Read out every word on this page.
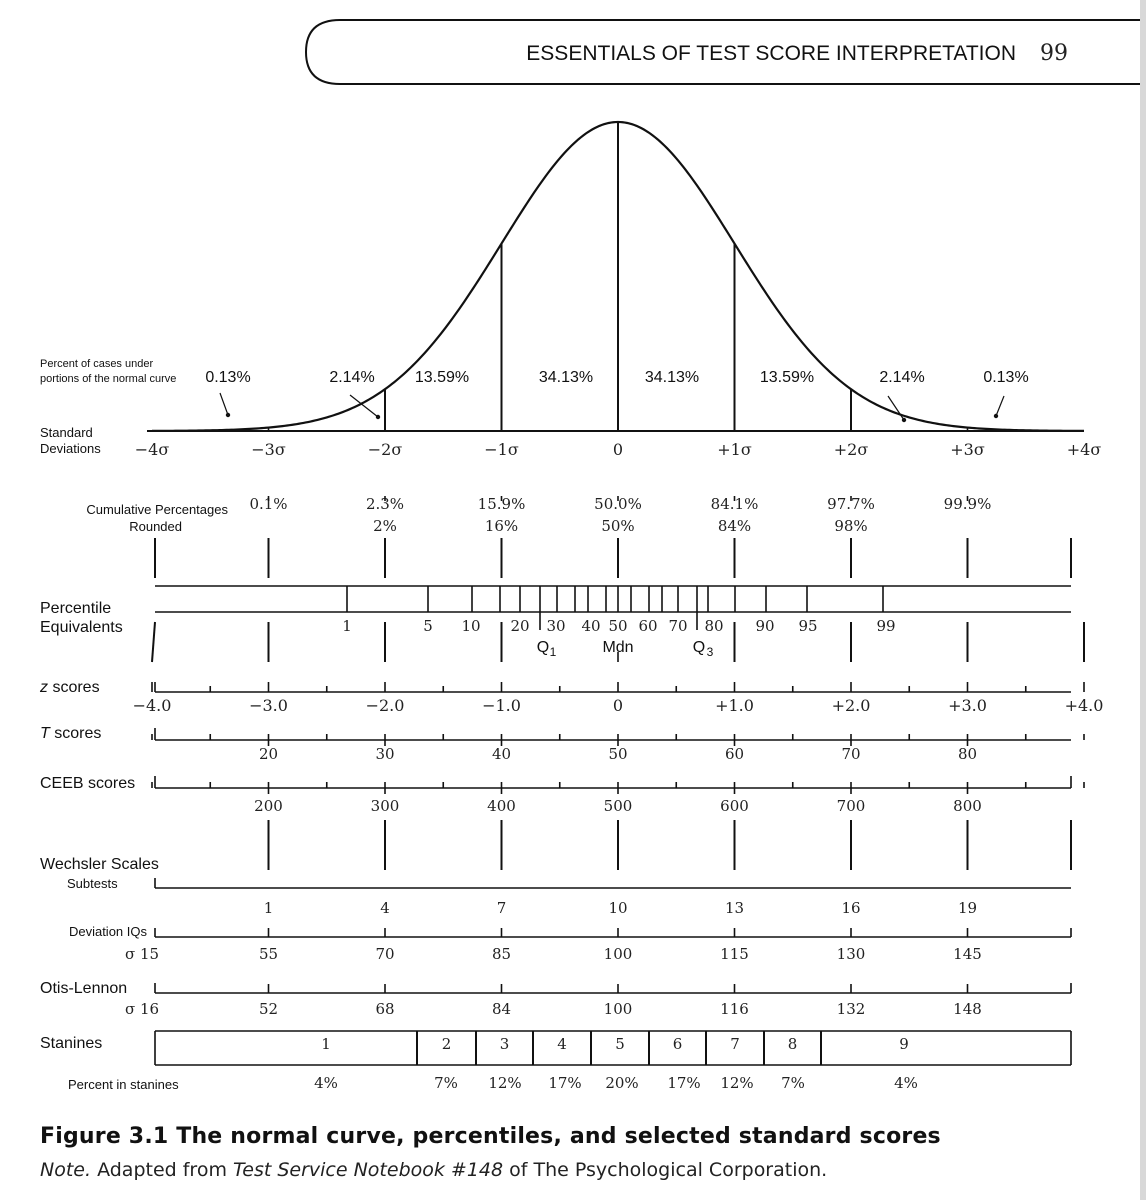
ESSENTIALS OF TEST SCORE INTERPRETATION 99
Percent of cases under
portions of the normal curve
Standard
Deviations
Cumulative Percentages
Rounded
Percentile
Equivalents
z scores
T scores
CEEB scores
Wechsler Scales
Subtests
Deviation IQs
σ 15
Otis-Lennon
σ 16
Stanines
Percent in stanines
0.13%	2.14%	13.59%	34.13%	34.13%	13.59%	2.14%	0.13%
−4σ	−3σ	−2σ	−1σ	0	+1σ	+2σ	+3σ	+4σ
0.1%	2.3%	15.9%	50.0%	84.1%	97.7%	99.9%
2%	16%	50%	84%	98%
1	5 10 20 30 40 50 60 70 80 90 95	99
Q 1	Mdn	Q 3
−4.0	−3.0	−2.0	−1.0	0	+1.0	+2.0	+3.0	+4.0
20	30	40	50	60	70	80
200	300	400	500	600	700	800
1	4	7	10	13	16	19
55	70	85	100	115	130	145
52	68	84	100	116	132	148
1	2	3	4	5	6	7	8	9
4%	7% 12% 17% 20% 17% 12% 7%	4%
Figure 3.1 The normal curve, percentiles, and selected standard scores
Note. Adapted from Test Service Notebook #148 of The Psychological Corporation.
